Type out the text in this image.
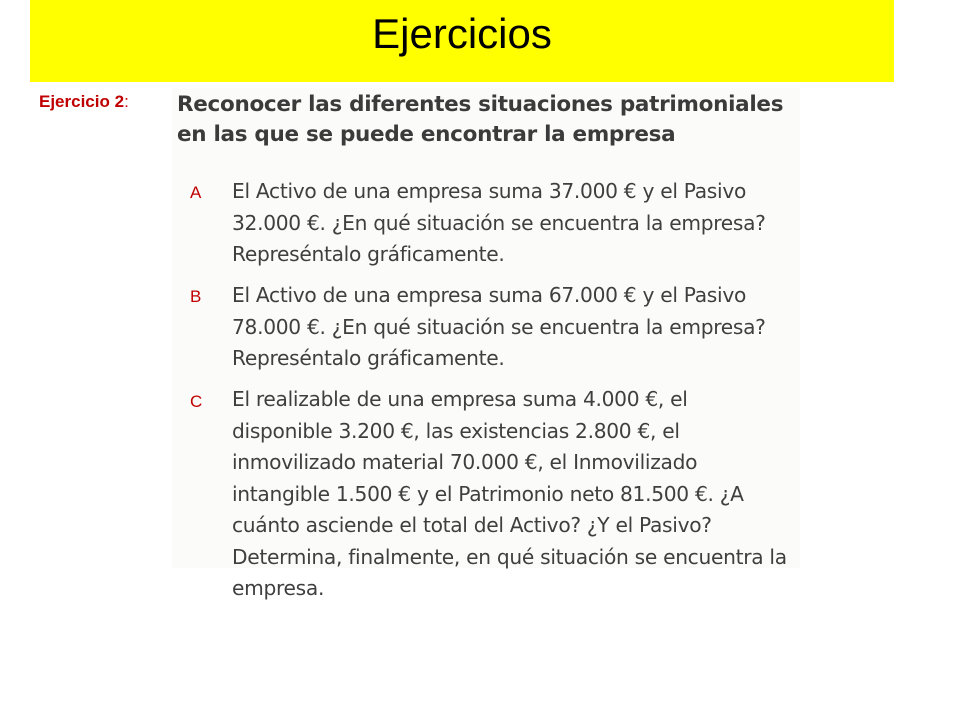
Ejercicios
Ejercicio 2: Reconocer las diferentes situaciones patrimoniales en las que se puede encontrar la empresa
A El Activo de una empresa suma 37.000 € y el Pasivo 32.000 €. ¿En qué situación se encuentra la empresa? Represéntalo gráficamente.
B El Activo de una empresa suma 67.000 € y el Pasivo 78.000 €. ¿En qué situación se encuentra la empresa? Represéntalo gráficamente.
C El realizable de una empresa suma 4.000 €, el disponible 3.200 €, las existencias 2.800 €, el inmovilizado material 70.000 €, el Inmovilizado intangible 1.500 € y el Patrimonio neto 81.500 €. ¿A cuánto asciende el total del Activo? ¿Y el Pasivo? Determina, finalmente, en qué situación se encuentra la empresa.
